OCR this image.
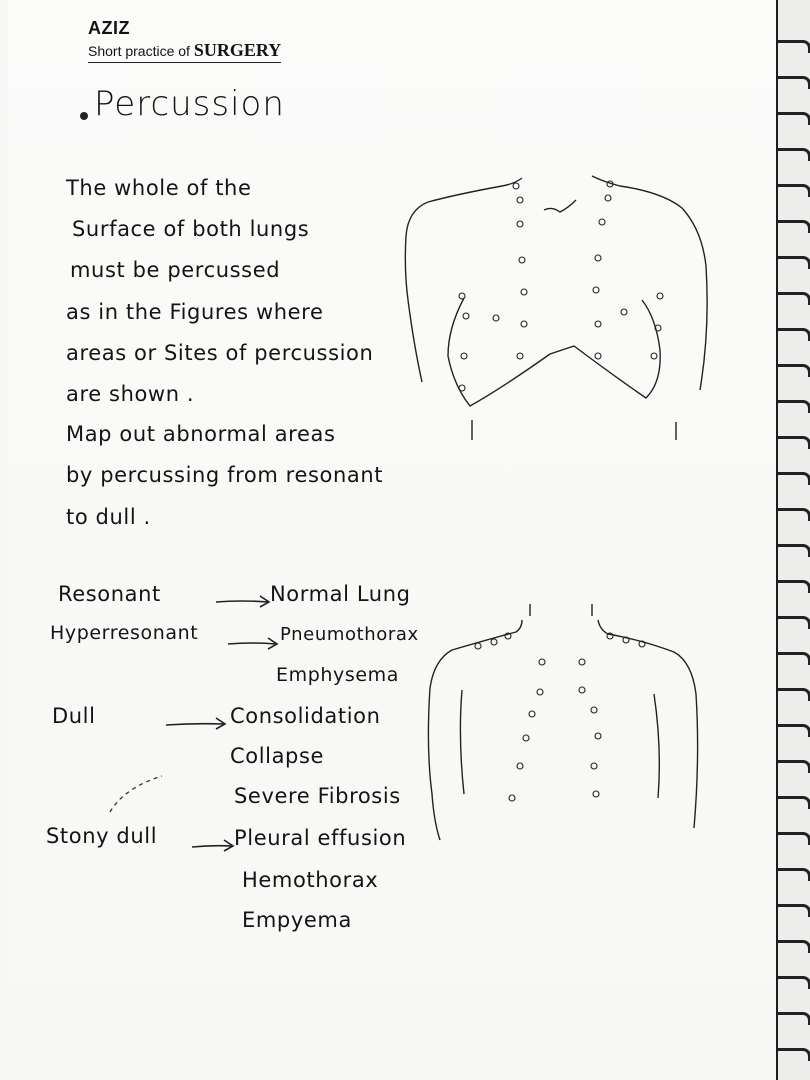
AZIZ
Short practice of SURGERY
Percussion
The whole of the
Surface of both lungs
must be percussed
as in the Figures where
areas or Sites of percussion
are shown .
Map out abnormal areas
by percussing from resonant
to dull .
Resonant	Normal Lung
Hyperresonant	Pneumothorax
Emphysema
Dull	Consolidation
Collapse
Severe Fibrosis
Stony dull	Pleural effusion
Hemothorax
Empyema
